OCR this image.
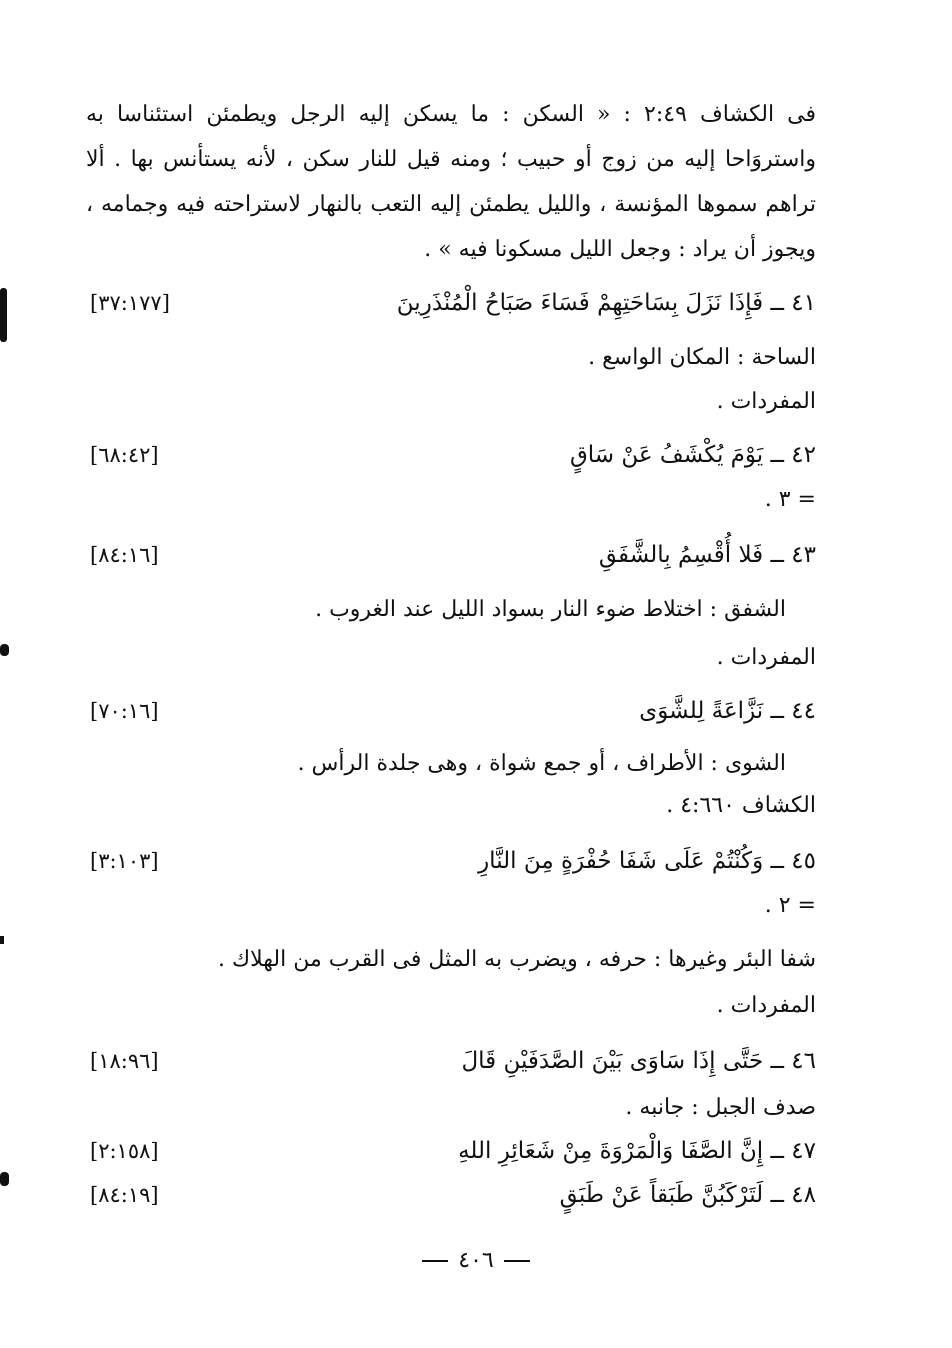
فى الكشاف ٢:٤٩ : « السكن : ما يسكن إليه الرجل ويطمئن استئناسا به واستروَاحا إليه من زوج أو حبيب ؛ ومنه قيل للنار سكن ، لأنه يستأنس بها . ألا تراهم سموها المؤنسة ، والليل يطمئن إليه التعب بالنهار لاستراحته فيه وجمامه ، ويجوز أن يراد : وجعل الليل مسكونا فيه » .
٤١ ــ فَإِذَا نَزَلَ بِسَاحَتِهِمْ فَسَاءَ صَبَاحُ الْمُنْذَرِينَ
[٣٧:١٧٧]
الساحة : المكان الواسع .
المفردات .
٤٢ ــ يَوْمَ يُكْشَفُ عَنْ سَاقٍ
[٦٨:٤٢]
= ٣ .
٤٣ ــ فَلا أُقْسِمُ بِالشَّفَقِ
[٨٤:١٦]
الشفق : اختلاط ضوء النار بسواد الليل عند الغروب .
المفردات .
٤٤ ــ نَزَّاعَةً لِلشَّوَى
[٧٠:١٦]
الشوى : الأطراف ، أو جمع شواة ، وهى جلدة الرأس .
الكشاف ٤:٦٦٠ .
٤٥ ــ وَكُنْتُمْ عَلَى شَفَا حُفْرَةٍ مِنَ النَّارِ
[٣:١٠٣]
= ٢ .
شفا البئر وغيرها : حرفه ، ويضرب به المثل فى القرب من الهلاك .
المفردات .
٤٦ ــ حَتَّى إِذَا سَاوَى بَيْنَ الصَّدَفَيْنِ قَالَ
[١٨:٩٦]
صدف الجبل : جانبه .
٤٧ ــ إِنَّ الصَّفَا وَالْمَرْوَةَ مِنْ شَعَائِرِ اللهِ
[٢:١٥٨]
٤٨ ــ لَتَرْكَبُنَّ طَبَقاً عَنْ طَبَقٍ
[٨٤:١٩]
٤٠٦
